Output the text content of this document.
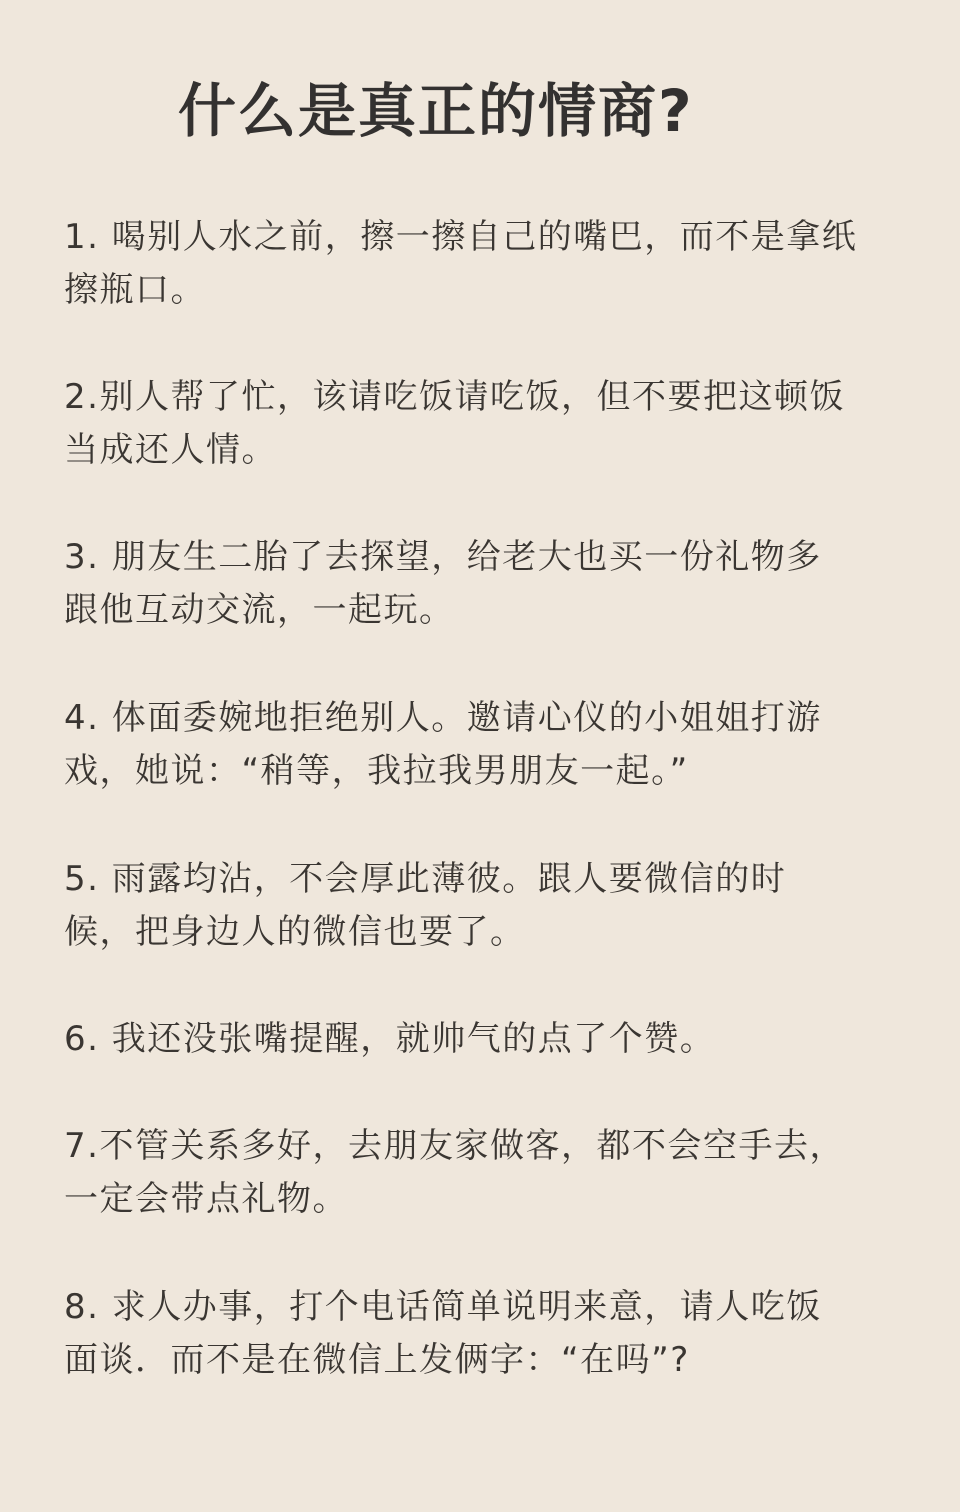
什么是真正的情商?

1. 喝别人水之前，擦一擦自己的嘴巴，而不是拿纸
擦瓶口。

2.别人帮了忙，该请吃饭请吃饭，但不要把这顿饭
当成还人情。

3. 朋友生二胎了去探望，给老大也买一份礼物多
跟他互动交流，一起玩。

4. 体面委婉地拒绝别人。邀请心仪的小姐姐打游
戏，她说：“稍等，我拉我男朋友一起。”

5. 雨露均沾，不会厚此薄彼。跟人要微信的时
候，把身边人的微信也要了。

6. 我还没张嘴提醒，就帅气的点了个赞。

7.不管关系多好，去朋友家做客，都不会空手去，
一定会带点礼物。

8. 求人办事，打个电话简单说明来意，请人吃饭
面谈．而不是在微信上发俩字：“在吗”?
